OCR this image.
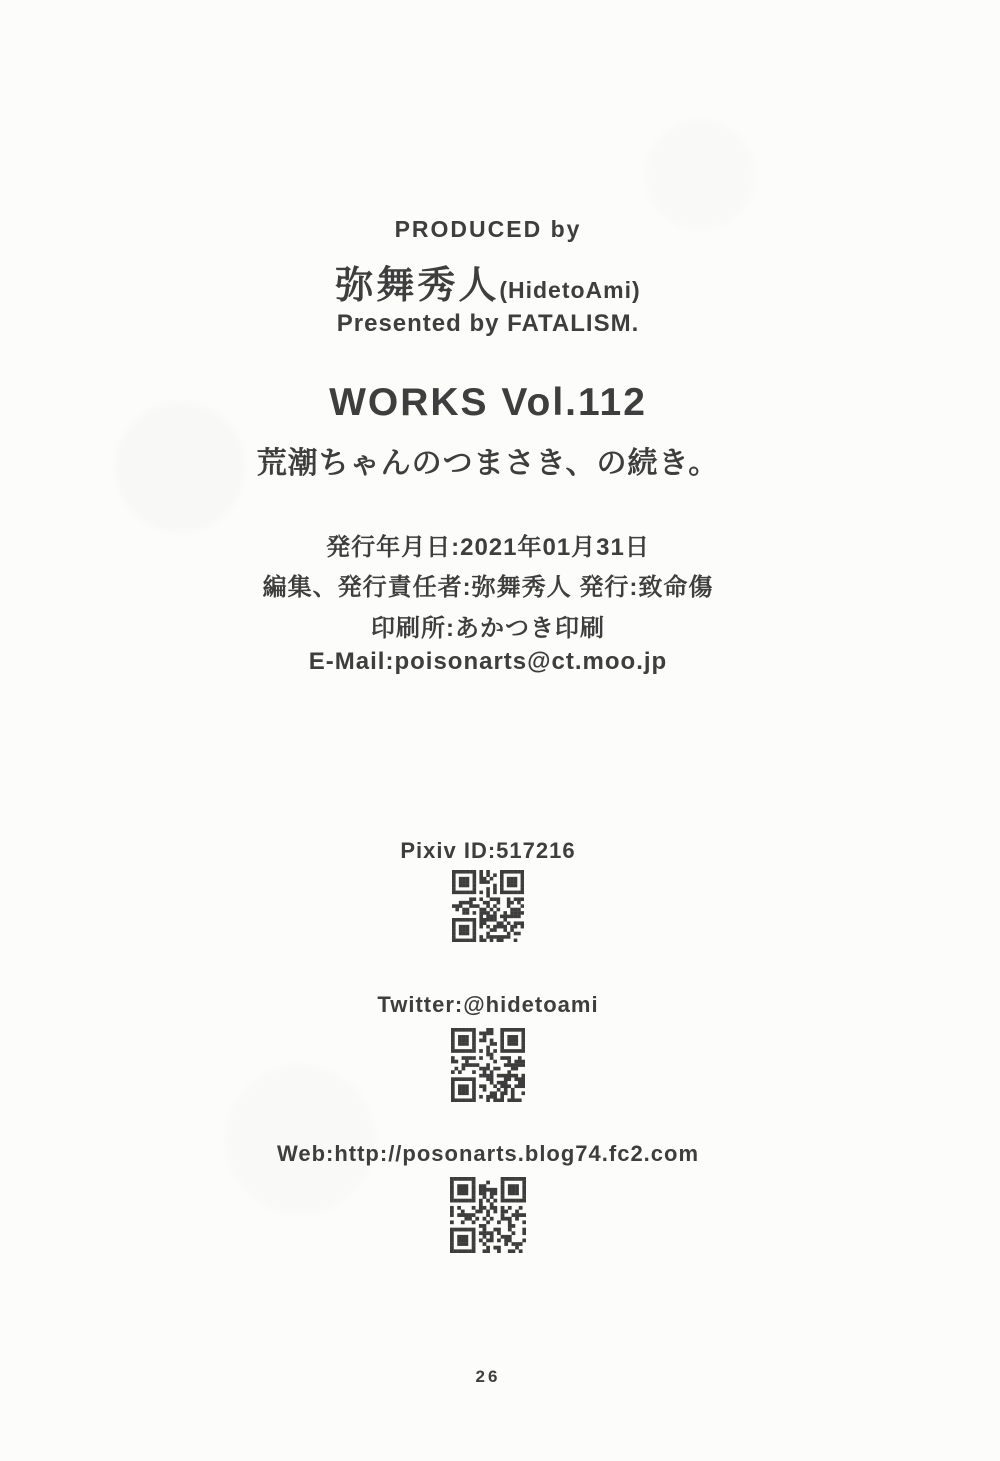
PRODUCED by
弥舞秀人(HidetoAmi)
Presented by FATALISM.
WORKS Vol.112
荒潮ちゃんのつまさき、の続き。
発行年月日:2021年01月31日
編集、発行責任者:弥舞秀人 発行:致命傷
印刷所:あかつき印刷
E-Mail:poisonarts@ct.moo.jp
Pixiv ID:517216
Twitter:@hidetoami
Web:http://posonarts.blog74.fc2.com
26
